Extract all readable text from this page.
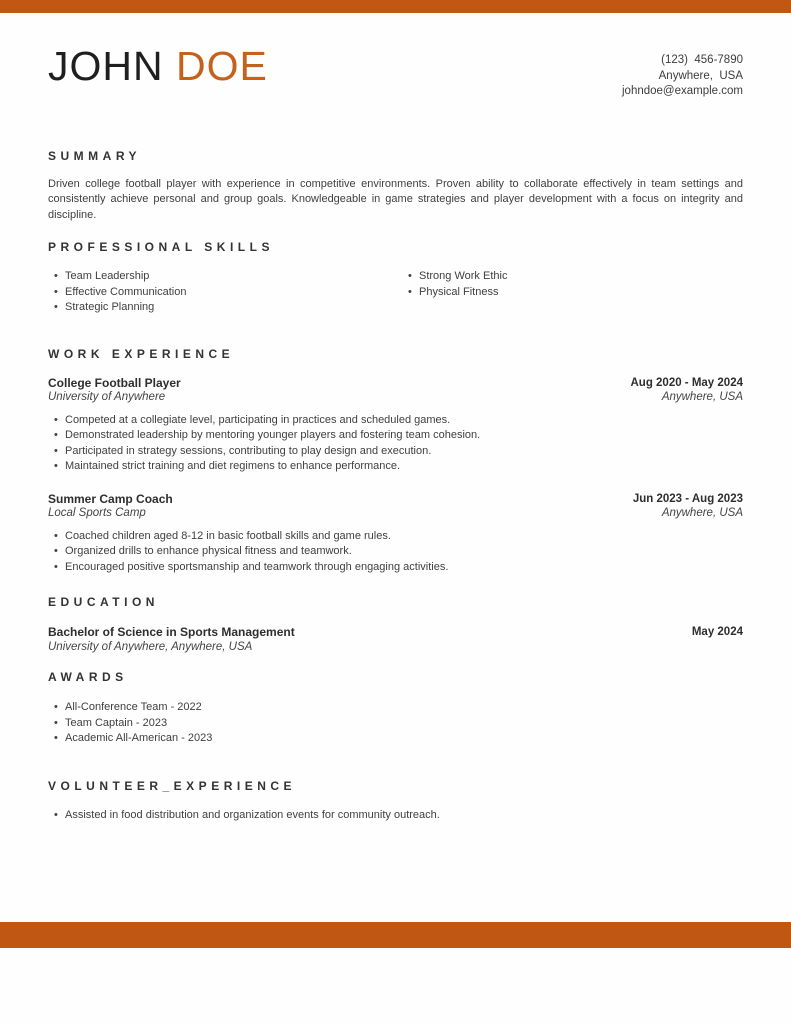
JOHN DOE	(123)  456-7890
Anywhere,  USA
johndoe@example.com
SUMMARY

Driven college football player with experience in competitive environments. Proven ability to collaborate effectively in team settings and consistently achieve personal and group goals. Knowledgeable in game strategies and player development with a focus on integrity and discipline.

PROFESSIONAL SKILLS
• Team Leadership
• Effective Communication
• Strategic Planning
• Strong Work Ethic
• Physical Fitness
WORK EXPERIENCE
College Football Player
University of Anywhere
Aug 2020 - May 2024
Anywhere, USA
• Competed at a collegiate level, participating in practices and scheduled games.
• Demonstrated leadership by mentoring younger players and fostering team cohesion.
• Participated in strategy sessions, contributing to play design and execution.
• Maintained strict training and diet regimens to enhance performance.
Summer Camp Coach
Local Sports Camp
Jun 2023 - Aug 2023
Anywhere, USA
• Coached children aged 8-12 in basic football skills and game rules.
• Organized drills to enhance physical fitness and teamwork.
• Encouraged positive sportsmanship and teamwork through engaging activities.
EDUCATION
Bachelor of Science in Sports Management
University of Anywhere, Anywhere, USA
May 2024
AWARDS
• All-Conference Team - 2022
• Team Captain - 2023
• Academic All-American - 2023
VOLUNTEER_EXPERIENCE
• Assisted in food distribution and organization events for community outreach.
